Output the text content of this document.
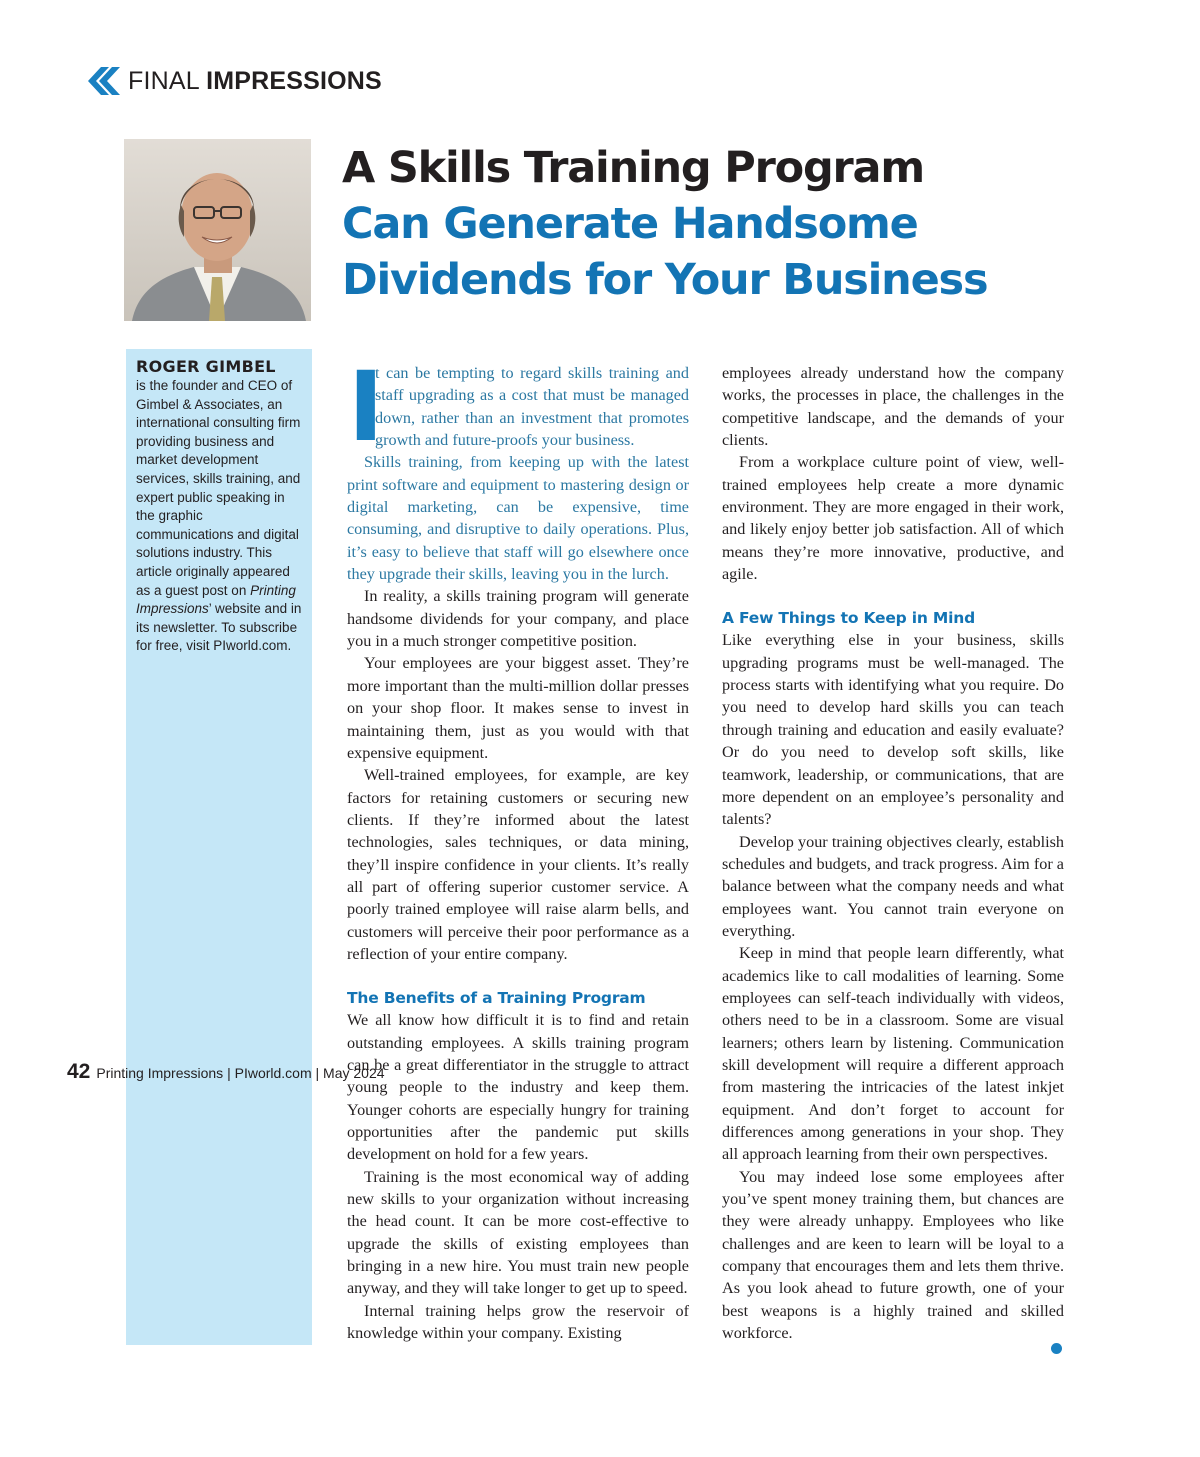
FINAL IMPRESSIONS
A Skills Training Program
Can Generate Handsome
Dividends for Your Business
ROGER GIMBEL
is the founder and CEO of Gimbel & Associates, an international consulting firm providing business and market development services, skills training, and expert public speaking in the graphic communications and digital solutions industry. This article originally appeared as a guest post on Printing Impressions’ website and in its newsletter. To subscribe for free, visit PIworld.com.

I
t can be tempting to regard skills training and staff upgrading as a cost that must be managed down, rather than an investment that promotes growth and future-proofs your business.

Skills training, from keeping up with the latest print software and equipment to mastering design or digital marketing, can be expensive, time consuming, and disruptive to daily operations. Plus, it’s easy to believe that staff will go elsewhere once they upgrade their skills, leaving you in the lurch.

In reality, a skills training program will generate handsome dividends for your company, and place you in a much stronger competitive position.

Your employees are your biggest asset. They’re more important than the multi-million dollar presses on your shop floor. It makes sense to invest in maintaining them, just as you would with that expensive equipment.

Well-trained employees, for example, are key factors for retaining customers or securing new clients. If they’re informed about the latest technologies, sales techniques, or data mining, they’ll inspire confidence in your clients. It’s really all part of offering superior customer service. A poorly trained employee will raise alarm bells, and customers will perceive their poor performance as a reflection of your entire company.

The Benefits of a Training Program

We all know how difficult it is to find and retain outstanding employees. A skills training program can be a great differentiator in the struggle to attract young people to the industry and keep them. Younger cohorts are especially hungry for training opportunities after the pandemic put skills development on hold for a few years.

Training is the most economical way of adding new skills to your organization without increasing the head count. It can be more cost-effective to upgrade the skills of existing employees than bringing in a new hire. You must train new people anyway, and they will take longer to get up to speed.

Internal training helps grow the reservoir of knowledge within your company. Existing

employees already understand how the company works, the processes in place, the challenges in the competitive landscape, and the demands of your clients.

From a workplace culture point of view, well-trained employees help create a more dynamic environment. They are more engaged in their work, and likely enjoy better job satisfaction. All of which means they’re more innovative, productive, and agile.

A Few Things to Keep in Mind

Like everything else in your business, skills upgrading programs must be well-managed. The process starts with identifying what you require. Do you need to develop hard skills you can teach through training and education and easily evaluate? Or do you need to develop soft skills, like teamwork, leadership, or communications, that are more dependent on an employee’s personality and talents?

Develop your training objectives clearly, establish schedules and budgets, and track progress. Aim for a balance between what the company needs and what employees want. You cannot train everyone on everything.

Keep in mind that people learn differently, what academics like to call modalities of learning. Some employees can self-teach individually with videos, others need to be in a classroom. Some are visual learners; others learn by listening. Communication skill development will require a different approach from mastering the intricacies of the latest inkjet equipment. And don’t forget to account for differences among generations in your shop. They all approach learning from their own perspectives.

You may indeed lose some employees after you’ve spent money training them, but chances are they were already unhappy. Employees who like challenges and are keen to learn will be loyal to a company that encourages them and lets them thrive. As you look ahead to future growth, one of your best weapons is a highly trained and skilled workforce.

42 Printing Impressions | PIworld.com | May 2024
